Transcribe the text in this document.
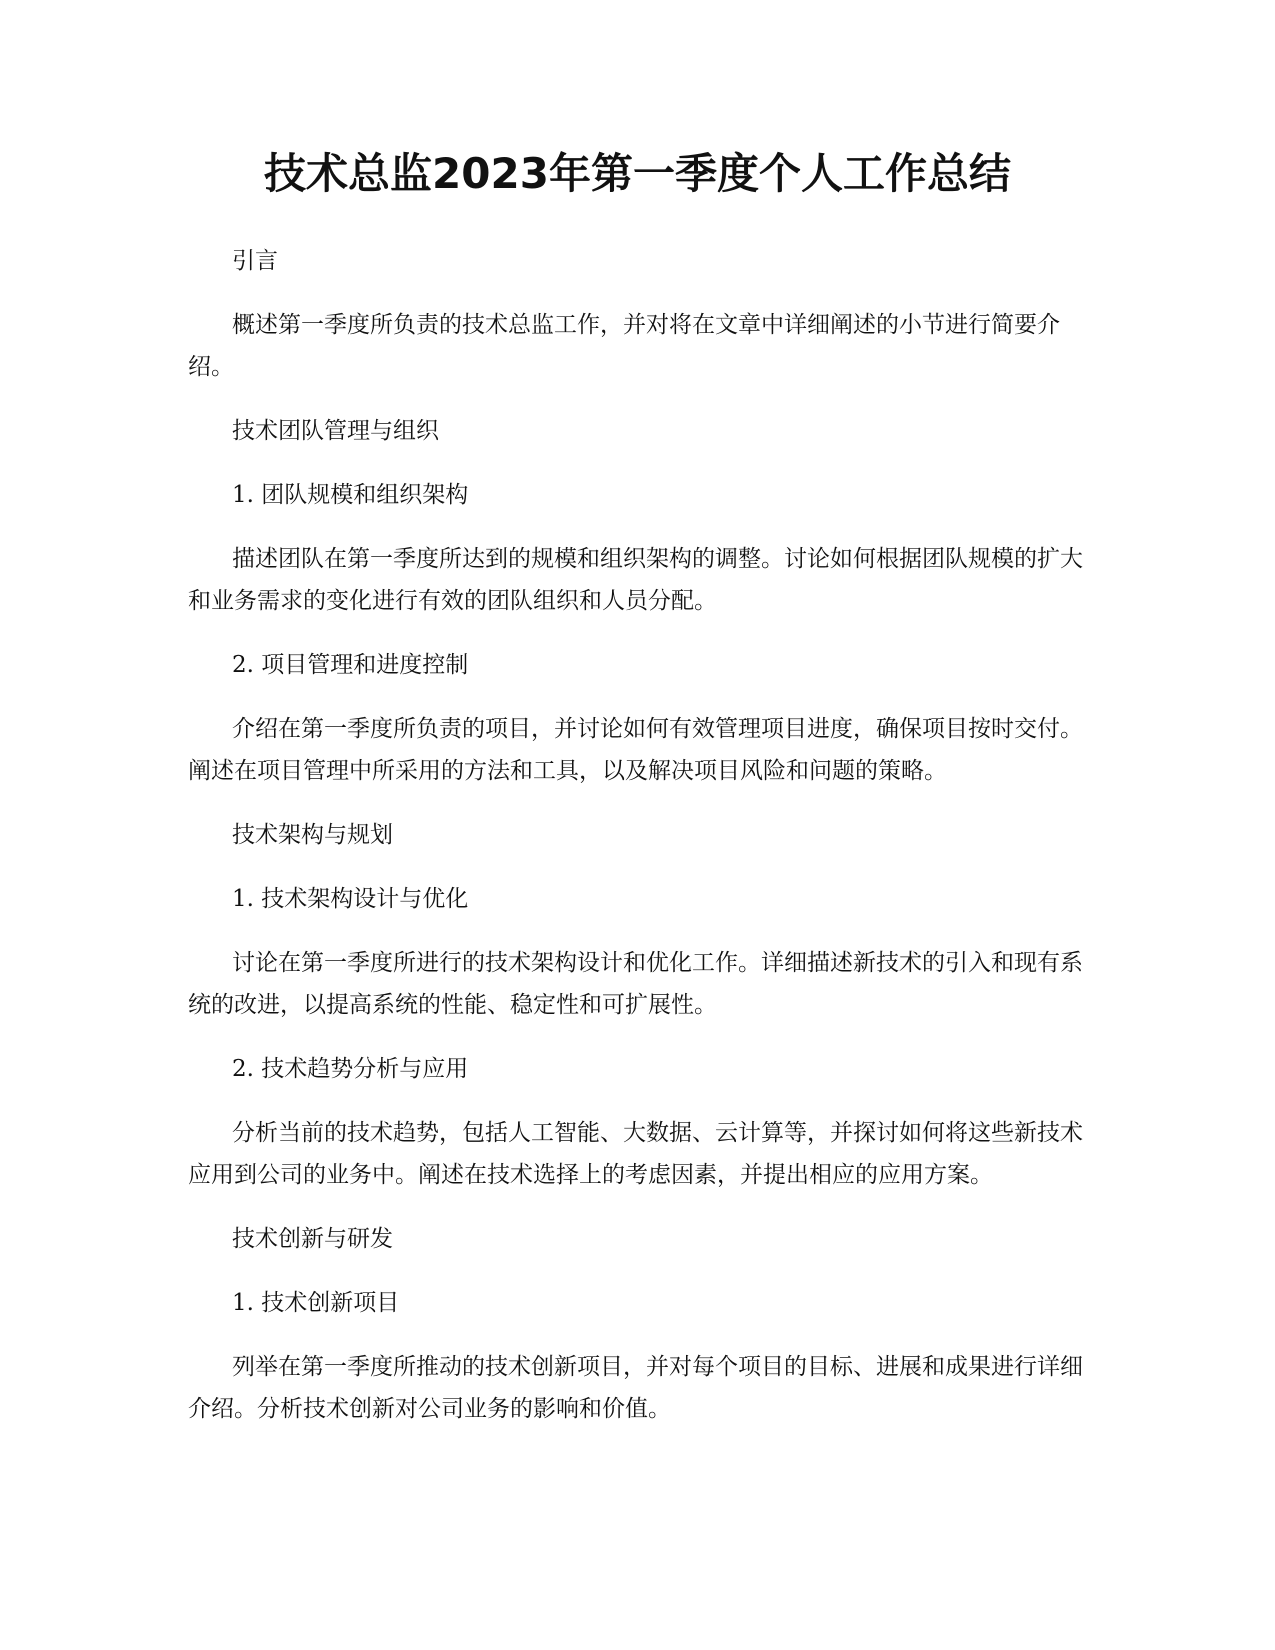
技术总监2023年第一季度个人工作总结

引言

概述第一季度所负责的技术总监工作，并对将在文章中详细阐述的小节进行简要介绍。

技术团队管理与组织

1. 团队规模和组织架构

描述团队在第一季度所达到的规模和组织架构的调整。讨论如何根据团队规模的扩大和业务需求的变化进行有效的团队组织和人员分配。

2. 项目管理和进度控制

介绍在第一季度所负责的项目，并讨论如何有效管理项目进度，确保项目按时交付。阐述在项目管理中所采用的方法和工具，以及解决项目风险和问题的策略。

技术架构与规划

1. 技术架构设计与优化

讨论在第一季度所进行的技术架构设计和优化工作。详细描述新技术的引入和现有系统的改进，以提高系统的性能、稳定性和可扩展性。

2. 技术趋势分析与应用

分析当前的技术趋势，包括人工智能、大数据、云计算等，并探讨如何将这些新技术应用到公司的业务中。阐述在技术选择上的考虑因素，并提出相应的应用方案。

技术创新与研发

1. 技术创新项目

列举在第一季度所推动的技术创新项目，并对每个项目的目标、进展和成果进行详细介绍。分析技术创新对公司业务的影响和价值。
